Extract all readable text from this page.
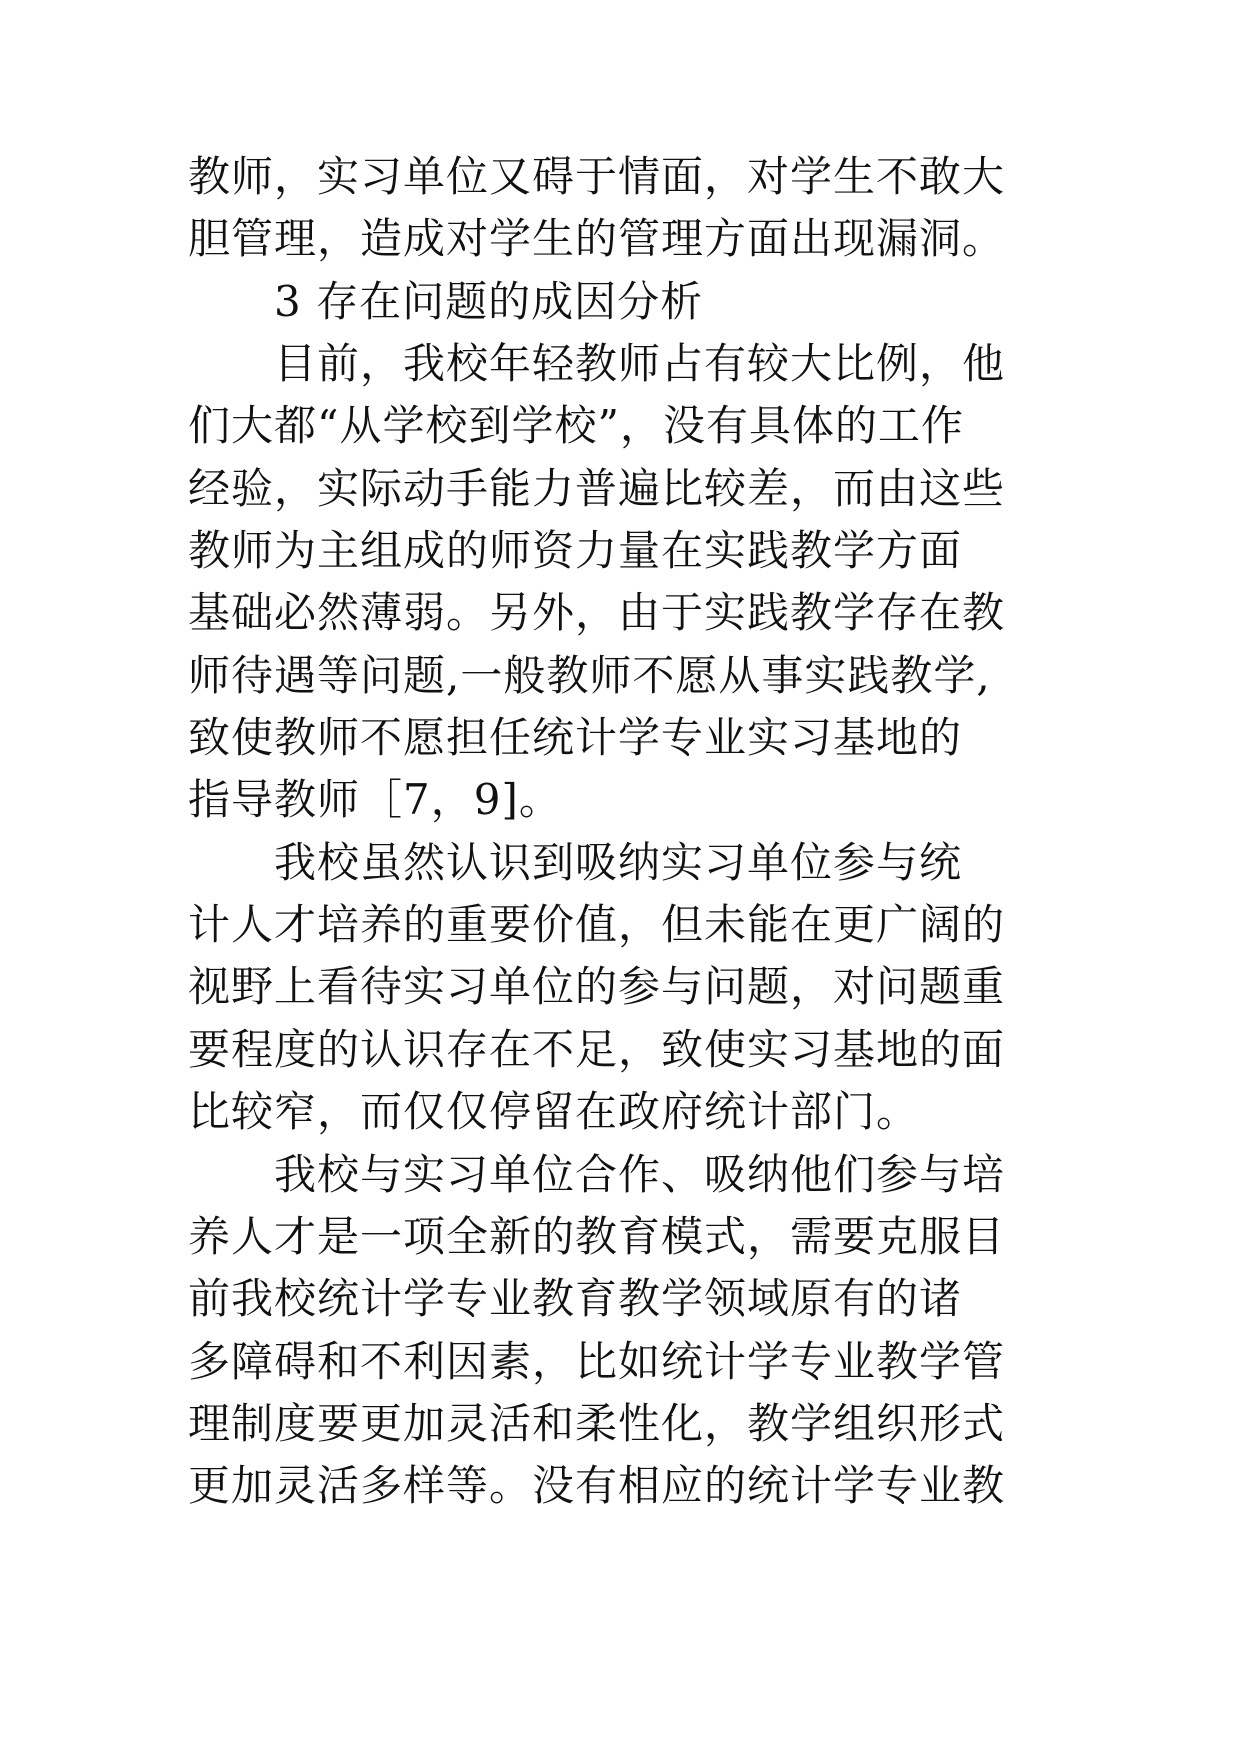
教师，实习单位又碍于情面，对学生不敢大
胆管理，造成对学生的管理方面出现漏洞。
　　3 存在问题的成因分析
　　目前，我校年轻教师占有较大比例，他
们大都“从学校到学校”，没有具体的工作
经验，实际动手能力普遍比较差，而由这些
教师为主组成的师资力量在实践教学方面
基础必然薄弱。另外，由于实践教学存在教
师待遇等问题,一般教师不愿从事实践教学,
致使教师不愿担任统计学专业实习基地的
指导教师［7，9]。
　　我校虽然认识到吸纳实习单位参与统
计人才培养的重要价值，但未能在更广阔的
视野上看待实习单位的参与问题，对问题重
要程度的认识存在不足，致使实习基地的面
比较窄，而仅仅停留在政府统计部门。
　　我校与实习单位合作、吸纳他们参与培
养人才是一项全新的教育模式，需要克服目
前我校统计学专业教育教学领域原有的诸
多障碍和不利因素，比如统计学专业教学管
理制度要更加灵活和柔性化，教学组织形式
更加灵活多样等。没有相应的统计学专业教
